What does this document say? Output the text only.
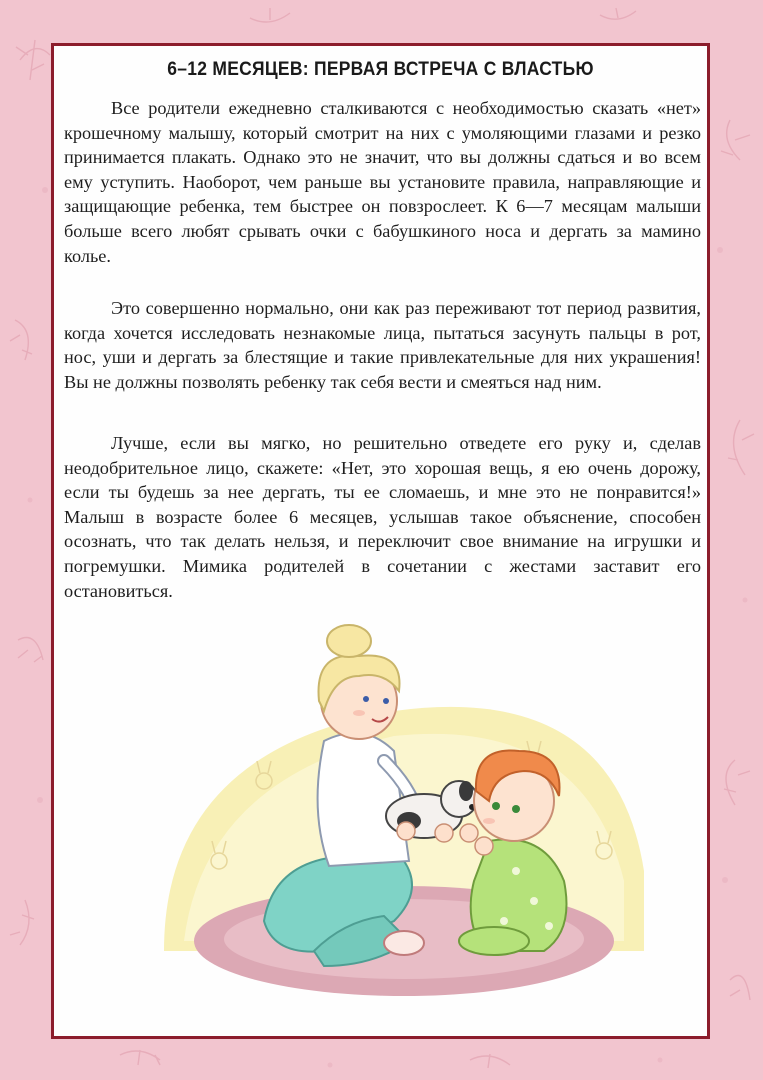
6–12 МЕСЯЦЕВ: ПЕРВАЯ ВСТРЕЧА С ВЛАСТЬЮ

Все родители ежедневно сталкиваются с необходимостью сказать «нет» крошечному малышу, который смотрит на них с умоляющими глазами и резко принимается плакать. Однако это не значит, что вы должны сдаться и во всем ему уступить. Наоборот, чем раньше вы установите правила, направляющие и защищающие ребенка, тем быстрее он повзрослеет. К 6—7 месяцам малыши больше всего любят срывать очки с бабушкиного носа и дергать за мамино колье.

Это совершенно нормально, они как раз переживают тот период развития, когда хочется исследовать незнакомые лица, пытаться засунуть пальцы в рот, нос, уши и дергать за блестящие и такие привлекательные для них украшения! Вы не должны позволять ребенку так себя вести и смеяться над ним.

Лучше, если вы мягко, но решительно отведете его руку и, сделав неодобрительное лицо, скажете: «Нет, это хорошая вещь, я ею очень дорожу, если ты будешь за нее дергать, ты ее сломаешь, и мне это не понравится!» Малыш в возрасте более 6 месяцев, услышав такое объяснение, способен осознать, что так делать нельзя, и переключит свое внимание на игрушки и погремушки. Мимика родителей в сочетании с жестами заставит его остановиться.
